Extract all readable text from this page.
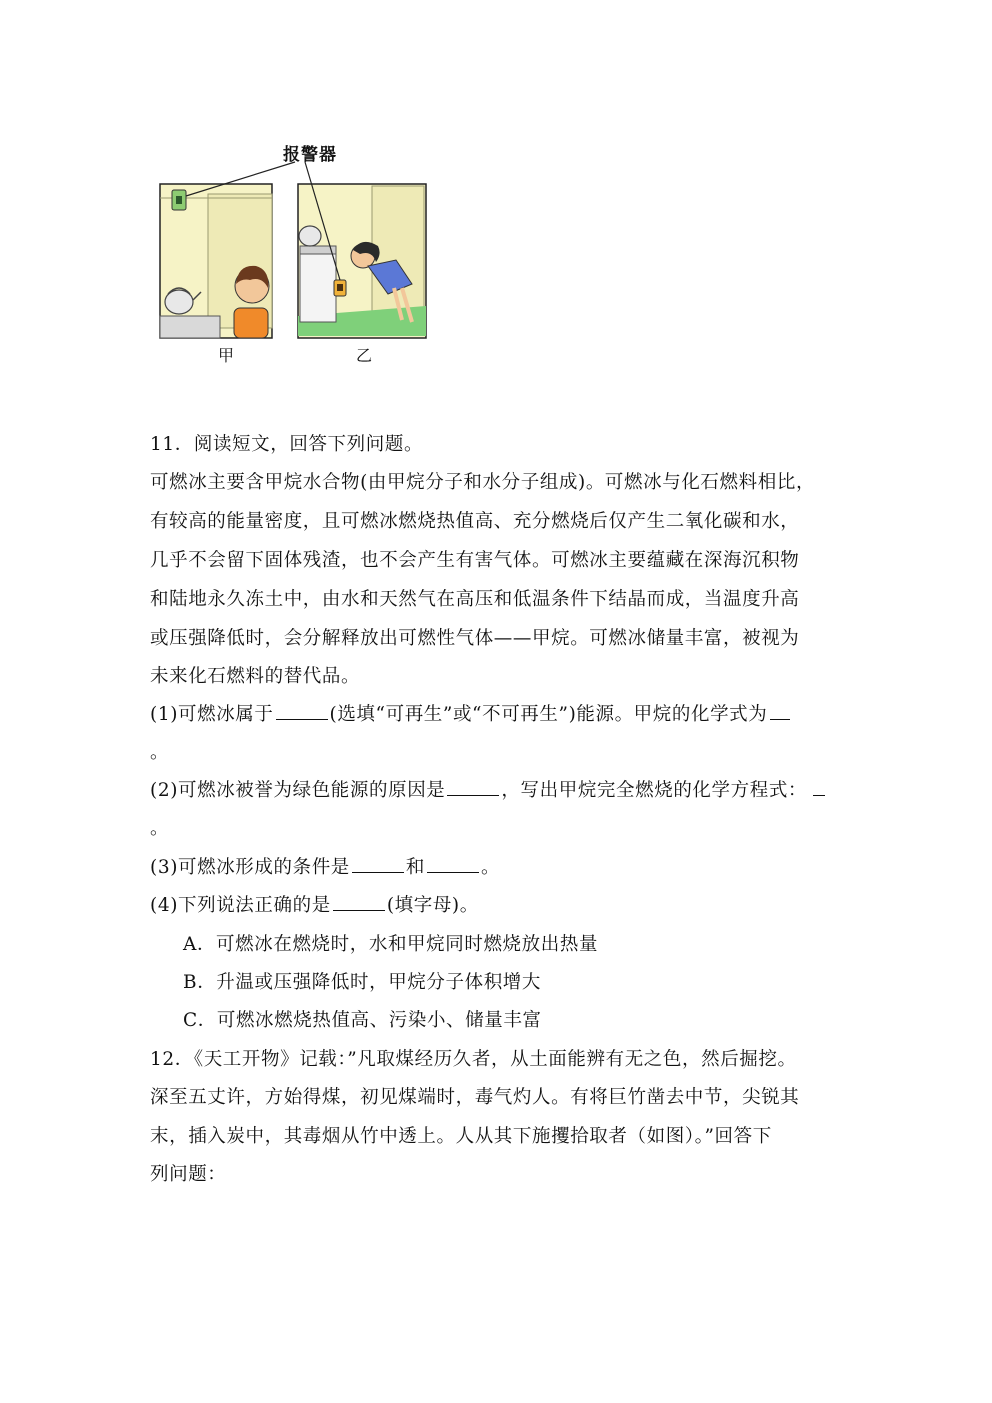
报警器
甲	乙
11．阅读短文，回答下列问题。
可燃冰主要含甲烷水合物(由甲烷分子和水分子组成)。可燃冰与化石燃料相比，
有较高的能量密度，且可燃冰燃烧热值高、充分燃烧后仅产生二氧化碳和水，
几乎不会留下固体残渣，也不会产生有害气体。可燃冰主要蕴藏在深海沉积物
和陆地永久冻土中，由水和天然气在高压和低温条件下结晶而成，当温度升高
或压强降低时，会分解释放出可燃性气体——甲烷。可燃冰储量丰富，被视为
未来化石燃料的替代品。
(1)可燃冰属于	(选填“可再生”或“不可再生”)能源。甲烷的化学式为
。
(2)可燃冰被誉为绿色能源的原因是	，写出甲烷完全燃烧的化学方程式：
。
(3)可燃冰形成的条件是	和	。
(4)下列说法正确的是	(填字母)。
A．可燃冰在燃烧时，水和甲烷同时燃烧放出热量
B．升温或压强降低时，甲烷分子体积增大
C．可燃冰燃烧热值高、污染小、储量丰富
12．《天工开物》记载：”凡取煤经历久者，从土面能辨有无之色，然后掘挖。
深至五丈许，方始得煤，初见煤端时，毒气灼人。有将巨竹凿去中节，尖锐其
末，插入炭中，其毒烟从竹中透上。人从其下施攫拾取者（如图）。”回答下
列问题：
